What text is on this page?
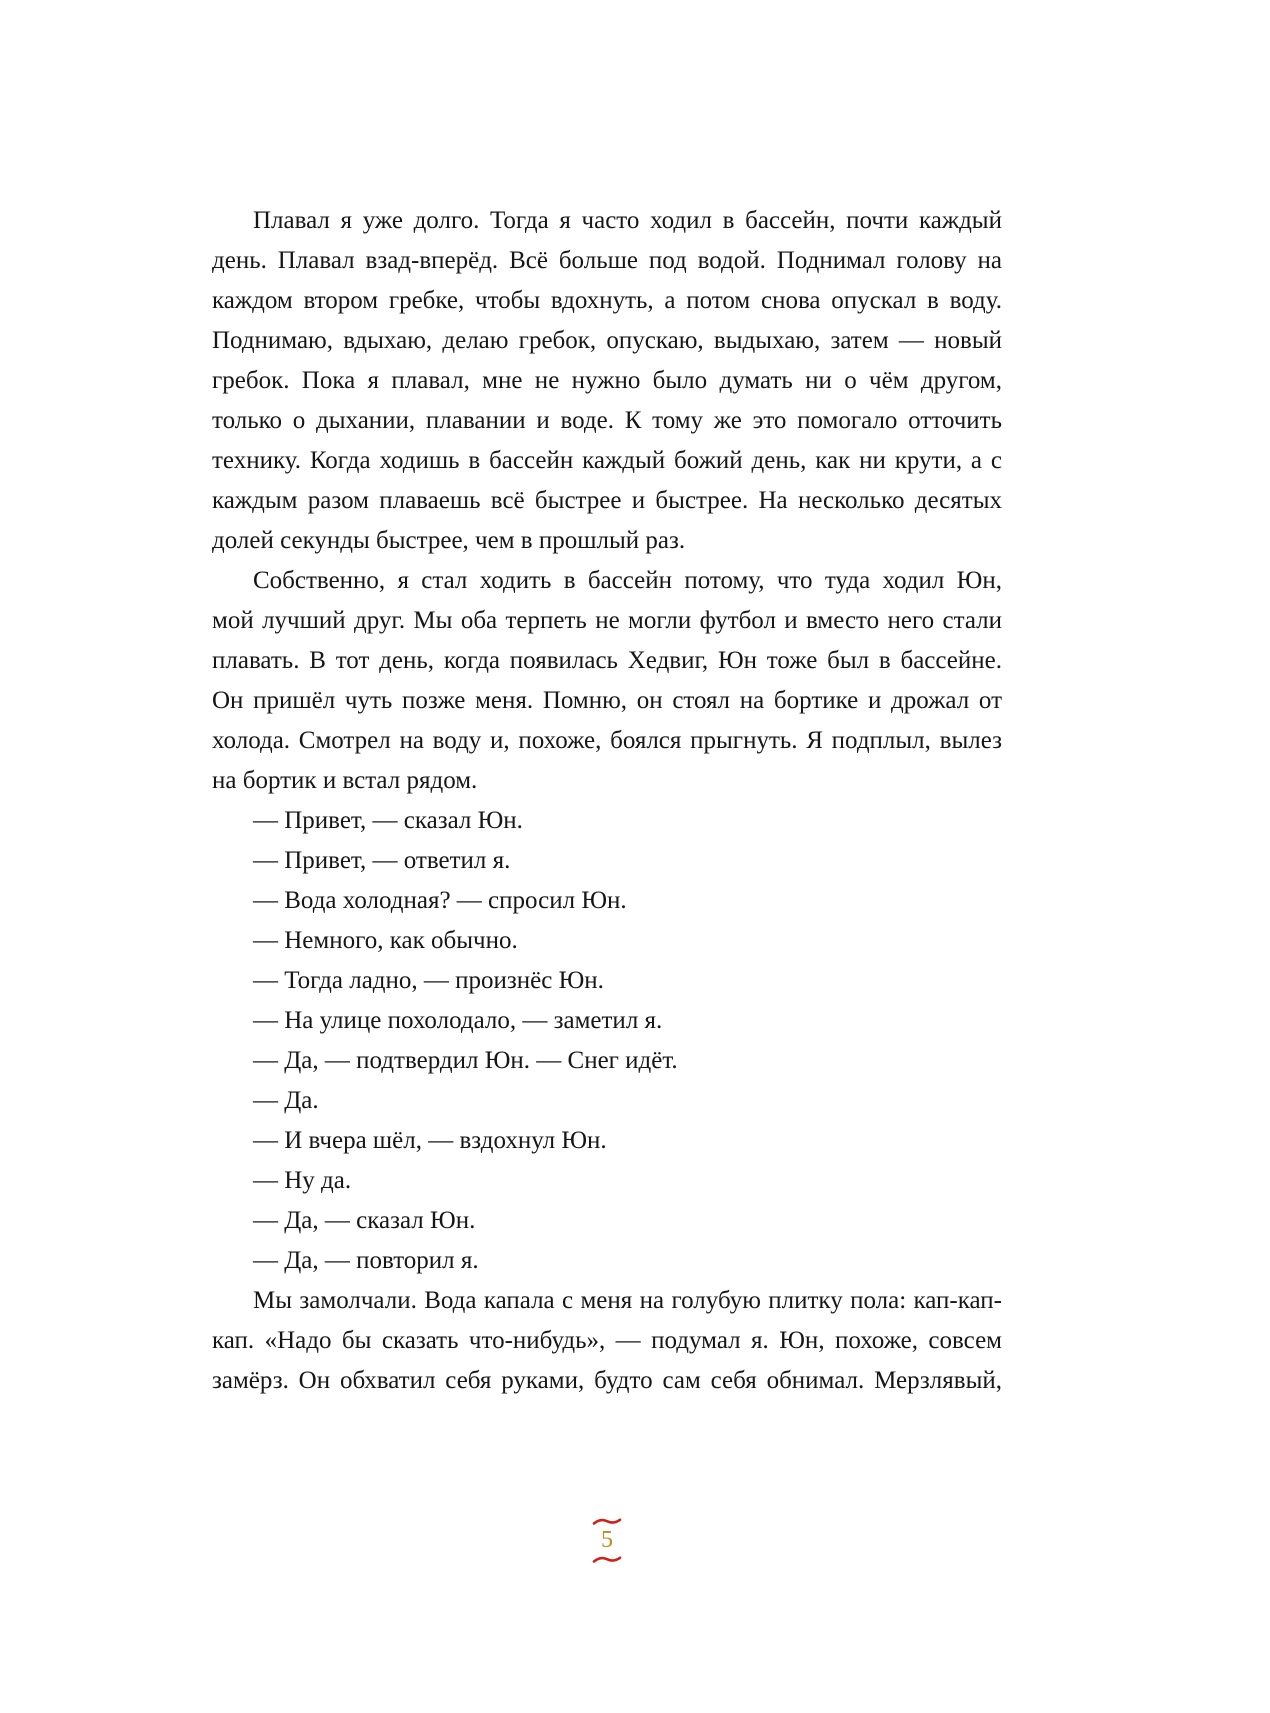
Плавал я уже долго. Тогда я часто ходил в бассейн, почти каждый
день. Плавал взад-вперёд. Всё больше под водой. Поднимал голову на
каждом втором гребке, чтобы вдохнуть, а потом снова опускал в воду.
Поднимаю, вдыхаю, делаю гребок, опускаю, выдыхаю, затем — новый
гребок. Пока я плавал, мне не нужно было думать ни о чём другом,
только о дыхании, плавании и воде. К тому же это помогало отточить
технику. Когда ходишь в бассейн каждый божий день, как ни крути, а с
каждым разом плаваешь всё быстрее и быстрее. На несколько десятых
долей секунды быстрее, чем в прошлый раз.

Собственно, я стал ходить в бассейн потому, что туда ходил Юн,
мой лучший друг. Мы оба терпеть не могли футбол и вместо него стали
плавать. В тот день, когда появилась Хедвиг, Юн тоже был в бассейне.
Он пришёл чуть позже меня. Помню, он стоял на бортике и дрожал от
холода. Смотрел на воду и, похоже, боялся прыгнуть. Я подплыл, вылез
на бортик и встал рядом.

— Привет, — сказал Юн.
— Привет, — ответил я.
— Вода холодная? — спросил Юн.
— Немного, как обычно.
— Тогда ладно, — произнёс Юн.
— На улице похолодало, — заметил я.
— Да, — подтвердил Юн. — Снег идёт.
— Да.
— И вчера шёл, — вздохнул Юн.
— Ну да.
— Да, — сказал Юн.
— Да, — повторил я.

Мы замолчали. Вода капала с меня на голубую плитку пола: кап-кап-
кап. «Надо бы сказать что-нибудь», — подумал я. Юн, похоже, совсем
замёрз. Он обхватил себя руками, будто сам себя обнимал. Мерзлявый,

5
